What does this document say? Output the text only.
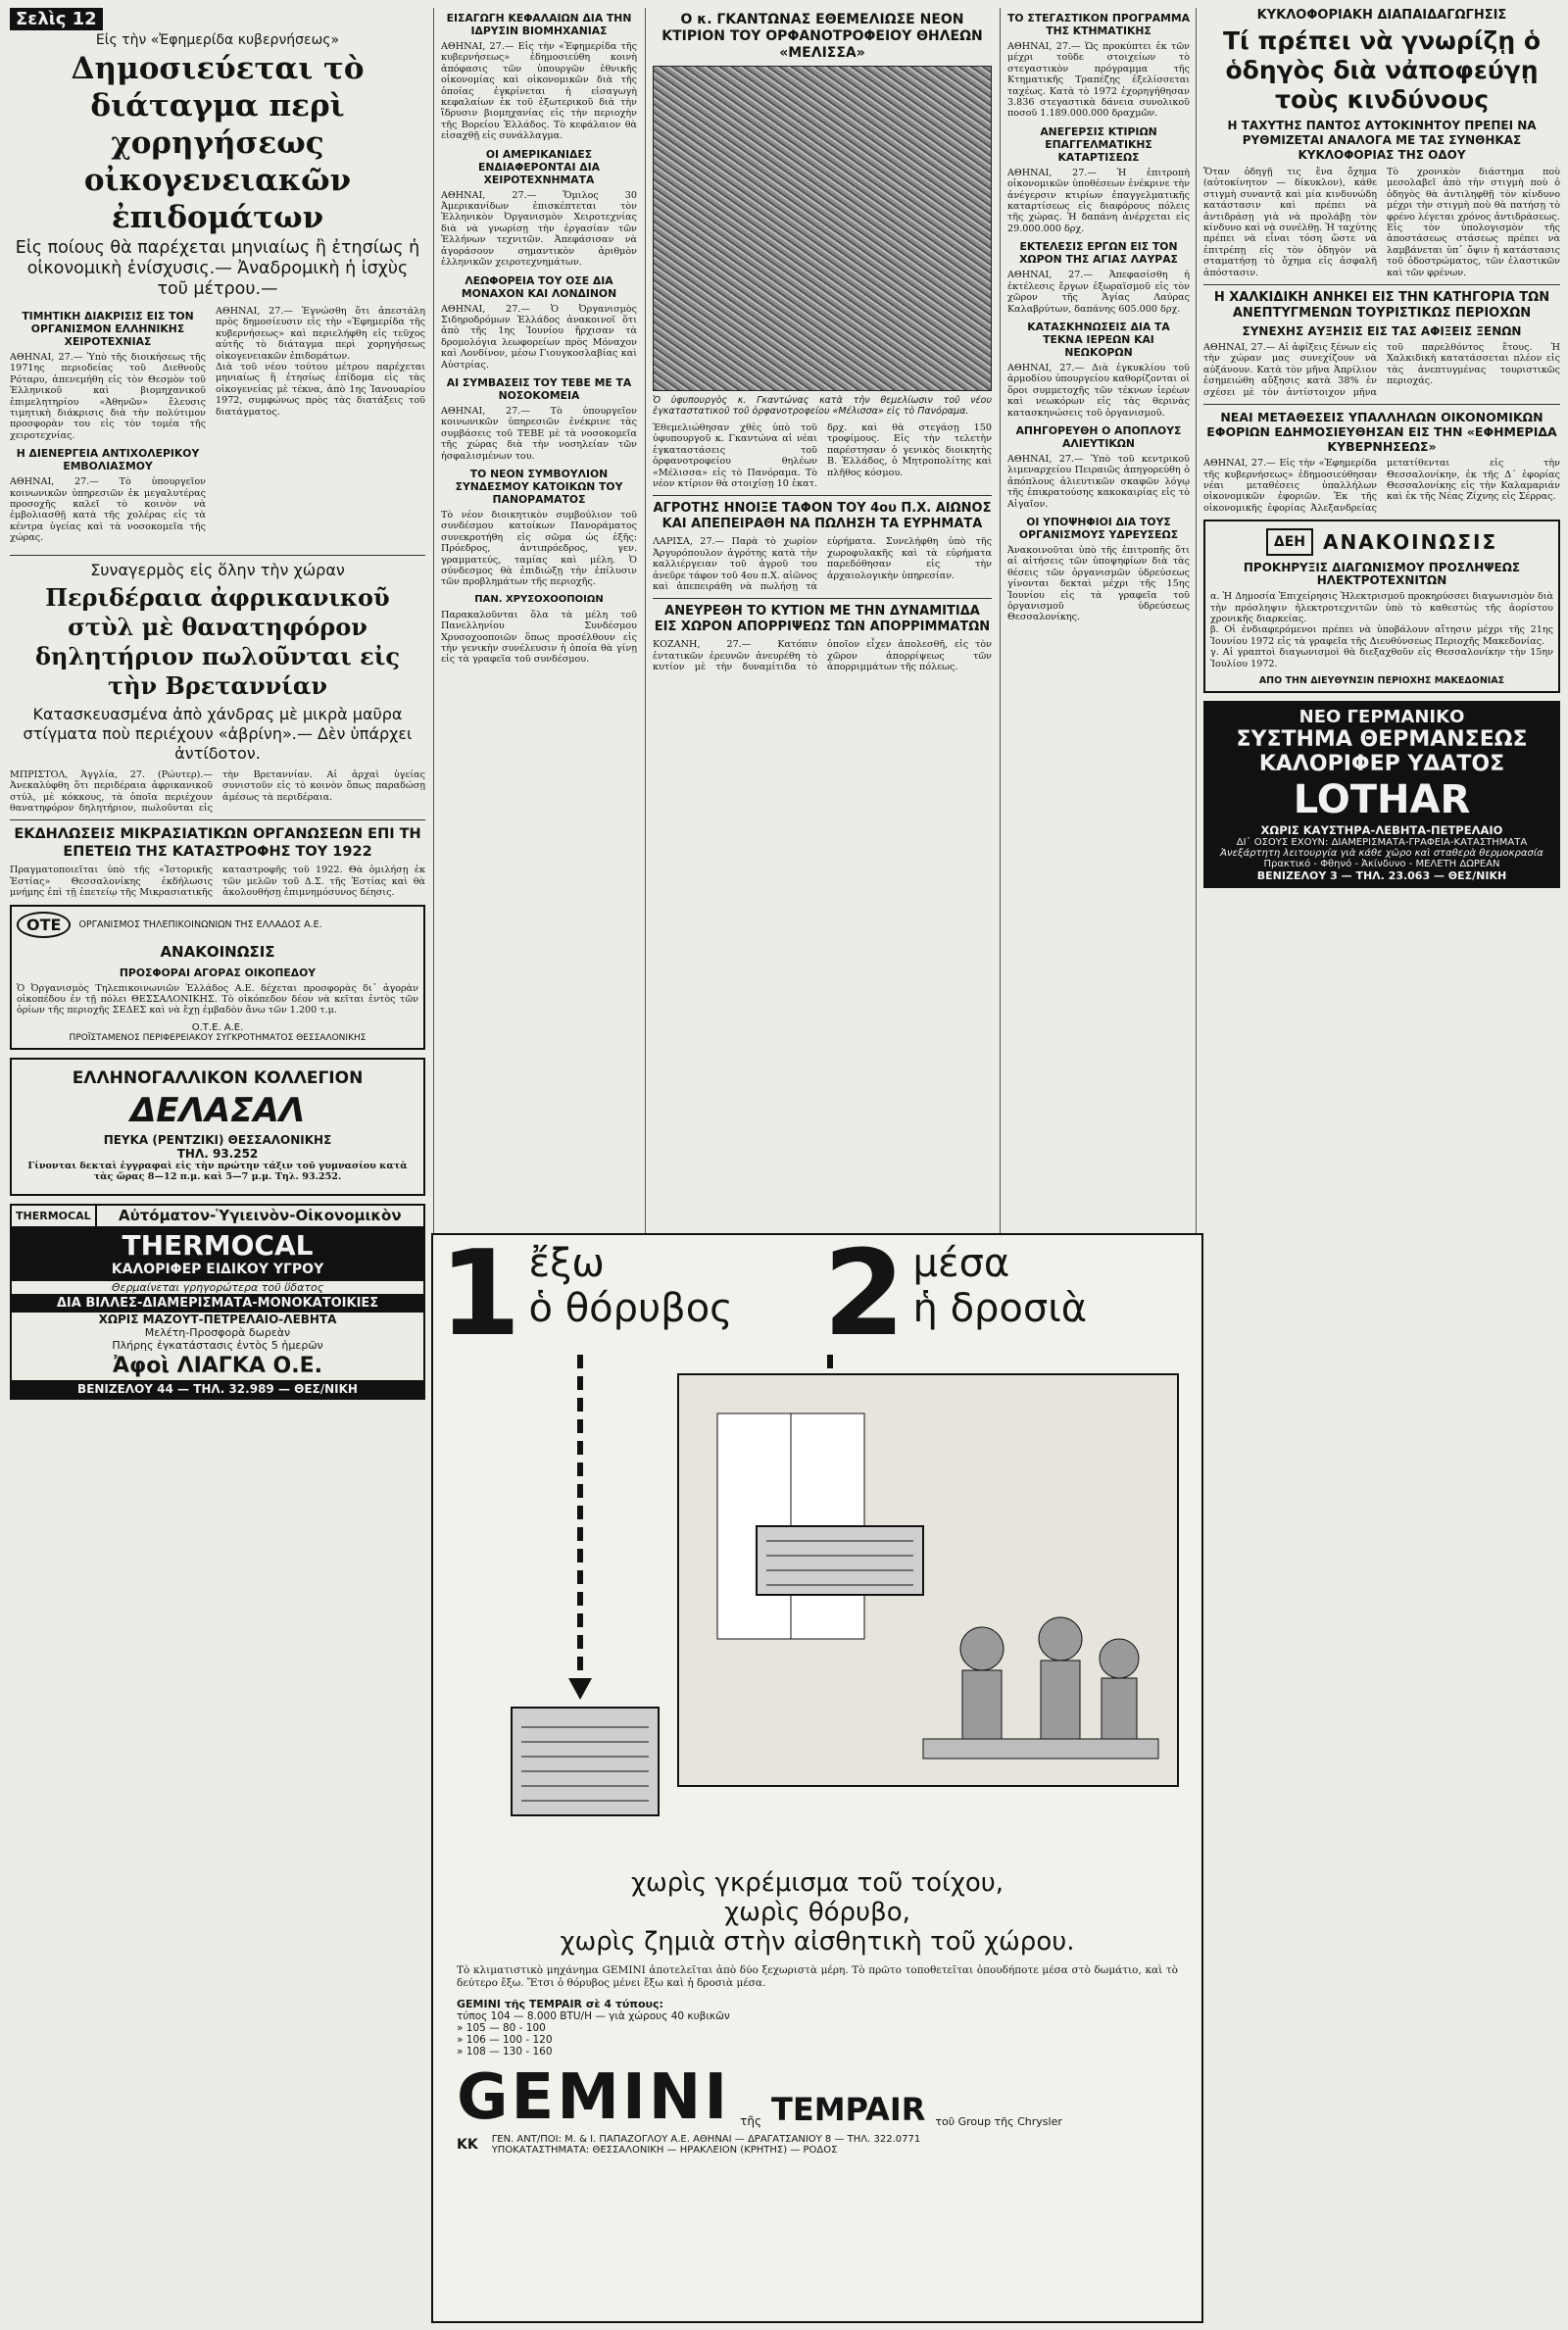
Σελὶς 12
Εἰς τὴν «Ἐφημερίδα κυβερνήσεως»
Δημοσιεύεται τὸ διάταγμα περὶ χορηγήσεως οἰκογενειακῶν ἐπιδομάτων
Εἰς ποίους θὰ παρέχεται μηνιαίως ἢ ἐτησίως ἡ οἰκονομικὴ ἐνίσχυσις.— Ἀναδρομικὴ ἡ ἰσχὺς τοῦ μέτρου.—
ΤΙΜΗΤΙΚΗ ΔΙΑΚΡΙΣΙΣ ΕΙΣ ΤΟΝ ΟΡΓΑΝΙΣΜΟΝ ΕΛΛΗΝΙΚΗΣ ΧΕΙΡΟΤΕΧΝΙΑΣ

ΑΘΗΝΑΙ, 27.— Ὑπὸ τῆς διοικήσεως τῆς 1971ης περιοδείας τοῦ Διεθνοῦς Ρόταρυ, ἀπενεμήθη εἰς τὸν Θεσμὸν τοῦ Ἑλληνικοῦ καὶ βιομηχανικοῦ ἐπιμελητηρίου «Ἀθηνῶν» ἔλευσις τιμητικὴ διάκρισις διὰ τὴν πολύτιμον προσφορὰν του εἰς τὸν τομέα τῆς χειροτεχνίας.

Η ΔΙΕΝΕΡΓΕΙΑ ΑΝΤΙΧΟΛΕΡΙΚΟΥ ΕΜΒΟΛΙΑΣΜΟΥ

ΑΘΗΝΑΙ, 27.— Τὸ ὑπουργεῖον κοινωνικῶν ὑπηρεσιῶν ἐκ μεγαλυτέρας προσοχῆς καλεῖ τὸ κοινὸν νὰ ἐμβολιασθῇ κατὰ τῆς χολέρας εἰς τὰ κέντρα ὑγείας καὶ τὰ νοσοκομεῖα τῆς χώρας.

ΑΘΗΝΑΙ, 27.— Ἐγνώσθη ὅτι ἀπεστάλη πρὸς δημοσίευσιν εἰς τὴν «Ἐφημερίδα τῆς κυβερνήσεως» καὶ περιελήφθη εἰς τεῦχος αὐτῆς τὸ διάταγμα περὶ χορηγήσεως οἰκογενειακῶν ἐπιδομάτων.
Διὰ τοῦ νέου τούτου μέτρου παρέχεται μηνιαίως ἢ ἐτησίως ἐπίδομα εἰς τὰς οἰκογενείας μὲ τέκνα, ἀπὸ 1ης Ἰανουαρίου 1972, συμφώνως πρὸς τὰς διατάξεις τοῦ διατάγματος.

Συναγερμὸς εἰς ὅλην τὴν χώραν
Περιδέραια ἀφρικανικοῦ στὺλ μὲ θανατηφόρον δηλητήριον πωλοῦνται εἰς τὴν Βρεταννίαν
Κατασκευασμένα ἀπὸ χάνδρας μὲ μικρὰ μαῦρα στίγματα ποὺ περιέχουν «ἀβρίνη».— Δὲν ὑπάρχει ἀντίδοτον.

ΜΠΡΙΣΤΟΛ, Ἀγγλία, 27. (Ρώυτερ).— Ἀνεκαλύφθη ὅτι περιδέραια ἀφρικανικοῦ στύλ, μὲ κόκκους, τὰ ὁποῖα περιέχουν θανατηφόρον δηλητήριον, πωλοῦνται εἰς τὴν Βρεταννίαν. Αἱ ἀρχαὶ ὑγείας συνιστοῦν εἰς τὸ κοινὸν ὅπως παραδώσῃ ἀμέσως τὰ περιδέραια.

ΕΚΔΗΛΩΣΕΙΣ ΜΙΚΡΑΣΙΑΤΙΚΩΝ ΟΡΓΑΝΩΣΕΩΝ ΕΠΙ ΤΗ ΕΠΕΤΕΙΩ ΤΗΣ ΚΑΤΑΣΤΡΟΦΗΣ ΤΟΥ 1922

Πραγματοποιεῖται ὑπὸ τῆς «Ἱστορικῆς Ἑστίας» Θεσσαλονίκης ἐκδήλωσις μνήμης ἐπὶ τῇ ἐπετείῳ τῆς Μικρασιατικῆς καταστροφῆς τοῦ 1922. Θὰ ὁμιλήσῃ ἐκ τῶν μελῶν τοῦ Δ.Σ. τῆς Ἑστίας καὶ θὰ ἀκολουθήσῃ ἐπιμνημόσυνος δέησις.

ΟΤΕ	ΟΡΓΑΝΙΣΜΟΣ ΤΗΛΕΠΙΚΟΙΝΩΝΙΩΝ ΤΗΣ ΕΛΛΑΔΟΣ Α.Ε.
ΑΝΑΚΟΙΝΩΣΙΣ
ΠΡΟΣΦΟΡΑΙ ΑΓΟΡΑΣ ΟΙΚΟΠΕΔΟΥ

Ὁ Ὀργανισμὸς Τηλεπικοινωνιῶν Ἑλλάδος Α.Ε. δέχεται προσφορὰς δι᾽ ἀγορὰν οἰκοπέδου ἐν τῇ πόλει ΘΕΣΣΑΛΟΝΙΚΗΣ. Τὸ οἰκόπεδον δέον νὰ κεῖται ἐντὸς τῶν ὁρίων τῆς περιοχῆς ΣΕΔΕΣ καὶ νὰ ἔχῃ ἐμβαδὸν ἄνω τῶν 1.200 τ.μ.

Ο.Τ.Ε. Α.Ε.
ΠΡΟΪΣΤΑΜΕΝΟΣ ΠΕΡΙΦΕΡΕΙΑΚΟΥ ΣΥΓΚΡΟΤΗΜΑΤΟΣ ΘΕΣΣΑΛΟΝΙΚΗΣ
ΕΛΛΗΝΟΓΑΛΛΙΚΟΝ ΚΟΛΛΕΓΙΟΝ
ΔΕΛΑΣΑΛ
ΠΕΥΚΑ (ΡΕΝΤΖΙΚΙ) ΘΕΣΣΑΛΟΝΙΚΗΣ
ΤΗΛ. 93.252

Γίνονται δεκταὶ ἐγγραφαὶ εἰς τὴν πρώτην τάξιν τοῦ γυμνασίου κατὰ τὰς ὥρας 8—12 π.μ. καὶ 5—7 μ.μ. Τηλ. 93.252.

THERMOCAL	Αὐτόματον-Ὑγιεινὸν-Οἰκονομικὸν
THERMOCAL
ΚΑΛΟΡΙΦΕΡ ΕΙΔΙΚΟΥ ΥΓΡΟΥ
Θερμαίνεται γρηγορώτερα τοῦ ὕδατος
ΔΙΑ ΒΙΛΛΕΣ-ΔΙΑΜΕΡΙΣΜΑΤΑ-ΜΟΝΟΚΑΤΟΙΚΙΕΣ
ΧΩΡΙΣ ΜΑΖΟΥΤ-ΠΕΤΡΕΛΑΙΟ-ΛΕΒΗΤΑ
Μελέτη-Προσφορὰ δωρεὰν
Πλήρης ἐγκατάστασις ἐντὸς 5 ἡμερῶν
Ἀφοὶ ΛΙΑΓΚΑ Ο.Ε.
ΒΕΝΙΖΕΛΟΥ 44 — ΤΗΛ. 32.989 — ΘΕΣ/ΝΙΚΗ
ΕΙΣΑΓΩΓΗ ΚΕΦΑΛΑΙΩΝ ΔΙΑ ΤΗΝ ΙΔΡΥΣΙΝ ΒΙΟΜΗΧΑΝΙΑΣ

ΑΘΗΝΑΙ, 27.— Εἰς τὴν «Ἐφημερίδα τῆς κυβερνήσεως» ἐδημοσιεύθη κοινὴ ἀπόφασις τῶν ὑπουργῶν ἐθνικῆς οἰκονομίας καὶ οἰκονομικῶν διὰ τῆς ὁποίας ἐγκρίνεται ἡ εἰσαγωγὴ κεφαλαίων ἐκ τοῦ ἐξωτερικοῦ διὰ τὴν ἵδρυσιν βιομηχανίας εἰς τὴν περιοχὴν τῆς Βορείου Ἑλλάδος. Τὸ κεφάλαιον θὰ εἰσαχθῇ εἰς συνάλλαγμα.

ΟΙ ΑΜΕΡΙΚΑΝΙΔΕΣ ΕΝΔΙΑΦΕΡΟΝΤΑΙ ΔΙΑ ΧΕΙΡΟΤΕΧΝΗΜΑΤΑ

ΑΘΗΝΑΙ, 27.— Ὅμιλος 30 Ἀμερικανίδων ἐπισκέπτεται τὸν Ἑλληνικὸν Ὀργανισμὸν Χειροτεχνίας διὰ νὰ γνωρίσῃ τὴν ἐργασίαν τῶν Ἑλλήνων τεχνιτῶν. Ἀπεφάσισαν νὰ ἀγοράσουν σημαντικὸν ἀριθμὸν ἑλληνικῶν χειροτεχνημάτων.

ΛΕΩΦΟΡΕΙΑ ΤΟΥ ΟΣΕ ΔΙΑ ΜΟΝΑΧΟΝ ΚΑΙ ΛΟΝΔΙΝΟΝ

ΑΘΗΝΑΙ, 27.— Ὁ Ὀργανισμὸς Σιδηροδρόμων Ἑλλάδος ἀνακοινοῖ ὅτι ἀπὸ τῆς 1ης Ἰουνίου ἤρχισαν τὰ δρομολόγια λεωφορείων πρὸς Μόναχον καὶ Λονδίνον, μέσω Γιουγκοσλαβίας καὶ Αὐστρίας.

ΑΙ ΣΥΜΒΑΣΕΙΣ ΤΟΥ ΤΕΒΕ ΜΕ ΤΑ ΝΟΣΟΚΟΜΕΙΑ

ΑΘΗΝΑΙ, 27.— Τὸ ὑπουργεῖον κοινωνικῶν ὑπηρεσιῶν ἐνέκρινε τὰς συμβάσεις τοῦ ΤΕΒΕ μὲ τὰ νοσοκομεῖα τῆς χώρας διὰ τὴν νοσηλείαν τῶν ἠσφαλισμένων του.

ΤΟ ΝΕΟΝ ΣΥΜΒΟΥΛΙΟΝ ΣΥΝΔΕΣΜΟΥ ΚΑΤΟΙΚΩΝ ΤΟΥ ΠΑΝΟΡΑΜΑΤΟΣ

Τὸ νέον διοικητικὸν συμβούλιον τοῦ συνδέσμου κατοίκων Πανοράματος συνεκροτήθη εἰς σῶμα ὡς ἑξῆς: Πρόεδρος, ἀντιπρόεδρος, γεν. γραμματεύς, ταμίας καὶ μέλη. Ὁ σύνδεσμος θὰ ἐπιδιώξῃ τὴν ἐπίλυσιν τῶν προβλημάτων τῆς περιοχῆς.

ΠΑΝ. ΧΡΥΣΟΧΟΟΠΟΙΩΝ

Παρακαλοῦνται ὅλα τὰ μέλη τοῦ Πανελληνίου Συνδέσμου Χρυσοχοοποιῶν ὅπως προσέλθουν εἰς τὴν γενικὴν συνέλευσιν ἡ ὁποία θὰ γίνῃ εἰς τὰ γραφεῖα τοῦ συνδέσμου.

Ο κ. ΓΚΑΝΤΩΝΑΣ ΕΘΕΜΕΛΙΩΣΕ ΝΕΟΝ ΚΤΙΡΙΟΝ ΤΟΥ ΟΡΦΑΝΟΤΡΟΦΕΙΟΥ ΘΗΛΕΩΝ «ΜΕΛΙΣΣΑ»
Ὁ ὑφυπουργὸς κ. Γκαντώνας κατὰ τὴν θεμελίωσιν τοῦ νέου ἐγκαταστατικοῦ τοῦ ὀρφανοτροφείου «Μέλισσα» εἰς τὸ Πανόραμα.

Ἐθεμελιώθησαν χθὲς ὑπὸ τοῦ ὑφυπουργοῦ κ. Γκαντώνα αἱ νέαι ἐγκαταστάσεις τοῦ ὀρφανοτροφείου θηλέων «Μέλισσα» εἰς τὸ Πανόραμα. Τὸ νέον κτίριον θὰ στοιχίσῃ 10 ἑκατ. δρχ. καὶ θὰ στεγάσῃ 150 τροφίμους. Εἰς τὴν τελετὴν παρέστησαν ὁ γενικὸς διοικητὴς Β. Ἑλλάδος, ὁ Μητροπολίτης καὶ πλῆθος κόσμου.

ΑΓΡΟΤΗΣ ΗΝΟΙΞΕ ΤΑΦΟΝ ΤΟΥ 4ου Π.Χ. ΑΙΩΝΟΣ ΚΑΙ ΑΠΕΠΕΙΡΑΘΗ ΝΑ ΠΩΛΗΣΗ ΤΑ ΕΥΡΗΜΑΤΑ

ΛΑΡΙΣΑ, 27.— Παρὰ τὸ χωρίον Ἀργυρόπουλον ἀγρότης κατὰ τὴν καλλιέργειαν τοῦ ἀγροῦ του ἀνεῦρε τάφον τοῦ 4ου π.Χ. αἰῶνος καὶ ἀπεπειράθη νὰ πωλήσῃ τὰ εὑρήματα. Συνελήφθη ὑπὸ τῆς χωροφυλακῆς καὶ τὰ εὑρήματα παρεδόθησαν εἰς τὴν ἀρχαιολογικὴν ὑπηρεσίαν.

ΑΝΕΥΡΕΘΗ ΤΟ ΚΥΤΙΟΝ ΜΕ ΤΗΝ ΔΥΝΑΜΙΤΙΔΑ ΕΙΣ ΧΩΡΟΝ ΑΠΟΡΡΙΨΕΩΣ ΤΩΝ ΑΠΟΡΡΙΜΜΑΤΩΝ

ΚΟΖΑΝΗ, 27.— Κατόπιν ἐντατικῶν ἐρευνῶν ἀνευρέθη τὸ κυτίον μὲ τὴν δυναμίτιδα τὸ ὁποῖον εἶχεν ἀπολεσθῆ, εἰς τὸν χῶρον ἀπορρίψεως τῶν ἀπορριμμάτων τῆς πόλεως.

ΤΟ ΣΤΕΓΑΣΤΙΚΟΝ ΠΡΟΓΡΑΜΜΑ ΤΗΣ ΚΤΗΜΑΤΙΚΗΣ

ΑΘΗΝΑΙ, 27.— Ὡς προκύπτει ἐκ τῶν μέχρι τοῦδε στοιχείων τὸ στεγαστικὸν πρόγραμμα τῆς Κτηματικῆς Τραπέζης ἐξελίσσεται ταχέως. Κατὰ τὸ 1972 ἐχορηγήθησαν 3.836 στεγαστικὰ δάνεια συνολικοῦ ποσοῦ 1.189.000.000 δραχμῶν.

ΑΝΕΓΕΡΣΙΣ ΚΤΙΡΙΩΝ ΕΠΑΓΓΕΛΜΑΤΙΚΗΣ ΚΑΤΑΡΤΙΣΕΩΣ

ΑΘΗΝΑΙ, 27.— Ἡ ἐπιτροπὴ οἰκονομικῶν ὑποθέσεων ἐνέκρινε τὴν ἀνέγερσιν κτιρίων ἐπαγγελματικῆς καταρτίσεως εἰς διαφόρους πόλεις τῆς χώρας. Ἡ δαπάνη ἀνέρχεται εἰς 29.000.000 δρχ.

ΕΚΤΕΛΕΣΙΣ ΕΡΓΩΝ ΕΙΣ ΤΟΝ ΧΩΡΟΝ ΤΗΣ ΑΓΙΑΣ ΛΑΥΡΑΣ

ΑΘΗΝΑΙ, 27.— Ἀπεφασίσθη ἡ ἐκτέλεσις ἔργων ἐξωραϊσμοῦ εἰς τὸν χῶρον τῆς Ἁγίας Λαύρας Καλαβρύτων, δαπάνης 605.000 δρχ.

ΚΑΤΑΣΚΗΝΩΣΕΙΣ ΔΙΑ ΤΑ ΤΕΚΝΑ ΙΕΡΕΩΝ ΚΑΙ ΝΕΩΚΟΡΩΝ

ΑΘΗΝΑΙ, 27.— Διὰ ἐγκυκλίου τοῦ ἀρμοδίου ὑπουργείου καθορίζονται οἱ ὅροι συμμετοχῆς τῶν τέκνων ἱερέων καὶ νεωκόρων εἰς τὰς θερινὰς κατασκηνώσεις τοῦ ὀργανισμοῦ.

ΑΠΗΓΟΡΕΥΘΗ Ο ΑΠΟΠΛΟΥΣ ΑΛΙΕΥΤΙΚΩΝ

ΑΘΗΝΑΙ, 27.— Ὑπὸ τοῦ κεντρικοῦ λιμεναρχείου Πειραιῶς ἀπηγορεύθη ὁ ἀπόπλους ἀλιευτικῶν σκαφῶν λόγῳ τῆς ἐπικρατούσης κακοκαιρίας εἰς τὸ Αἰγαῖον.

ΟΙ ΥΠΟΨΗΦΙΟΙ ΔΙΑ ΤΟΥΣ ΟΡΓΑΝΙΣΜΟΥΣ ΥΔΡΕΥΣΕΩΣ

Ἀνακοινοῦται ὑπὸ τῆς ἐπιτροπῆς ὅτι αἱ αἰτήσεις τῶν ὑποψηφίων διὰ τὰς θέσεις τῶν ὀργανισμῶν ὑδρεύσεως γίνονται δεκταὶ μέχρι τῆς 15ης Ἰουνίου εἰς τὰ γραφεῖα τοῦ ὀργανισμοῦ ὑδρεύσεως Θεσσαλονίκης.

ΚΥΚΛΟΦΟΡΙΑΚΗ ΔΙΑΠΑΙΔΑΓΩΓΗΣΙΣ
Τί πρέπει νὰ γνωρίζῃ ὁ ὁδηγὸς διὰ νἀποφεύγῃ τοὺς κινδύνους
Η ΤΑΧΥΤΗΣ ΠΑΝΤΟΣ ΑΥΤΟΚΙΝΗΤΟΥ ΠΡΕΠΕΙ ΝΑ ΡΥΘΜΙΖΕΤΑΙ ΑΝΑΛΟΓΑ ΜΕ ΤΑΣ ΣΥΝΘΗΚΑΣ ΚΥΚΛΟΦΟΡΙΑΣ ΤΗΣ ΟΔΟΥ

Ὅταν ὁδηγῇ τις ἕνα ὄχημα (αὐτοκίνητον — δίκυκλον), κάθε στιγμὴ συναντᾷ καὶ μία κινδυνώδη κατάστασιν καὶ πρέπει νὰ ἀντιδράσῃ γιὰ νὰ προλάβῃ τὸν κίνδυνο καὶ νὰ συνέλθῃ. Ἡ ταχύτης πρέπει νὰ εἶναι τόση ὥστε νὰ ἐπιτρέπῃ εἰς τὸν ὁδηγὸν νὰ σταματήσῃ τὸ ὄχημα εἰς ἀσφαλῆ ἀπόστασιν.
Τὸ χρονικὸν διάστημα ποὺ μεσολαβεῖ ἀπὸ τὴν στιγμὴ ποὺ ὁ ὁδηγὸς θὰ ἀντιληφθῇ τὸν κίνδυνο μέχρι τὴν στιγμὴ ποὺ θὰ πατήσῃ τὸ φρένο λέγεται χρόνος ἀντιδράσεως.
Εἰς τὸν ὑπολογισμὸν τῆς ἀποστάσεως στάσεως πρέπει νὰ λαμβάνεται ὑπ᾽ ὄψιν ἡ κατάστασις τοῦ ὁδοστρώματος, τῶν ἐλαστικῶν καὶ τῶν φρένων.

Η ΧΑΛΚΙΔΙΚΗ ΑΝΗΚΕΙ ΕΙΣ ΤΗΝ ΚΑΤΗΓΟΡΙΑ ΤΩΝ ΑΝΕΠΤΥΓΜΕΝΩΝ ΤΟΥΡΙΣΤΙΚΩΣ ΠΕΡΙΟΧΩΝ
ΣΥΝΕΧΗΣ ΑΥΞΗΣΙΣ ΕΙΣ ΤΑΣ ΑΦΙΞΕΙΣ ΞΕΝΩΝ

ΑΘΗΝΑΙ, 27.— Αἱ ἀφίξεις ξένων εἰς τὴν χώραν μας συνεχίζουν νὰ αὐξάνουν. Κατὰ τὸν μῆνα Ἀπρίλιον ἐσημειώθη αὔξησις κατὰ 38% ἐν σχέσει μὲ τὸν ἀντίστοιχον μῆνα τοῦ παρελθόντος ἔτους. Ἡ Χαλκιδικὴ κατατάσσεται πλέον εἰς τὰς ἀνεπτυγμένας τουριστικῶς περιοχάς.

ΝΕΑΙ ΜΕΤΑΘΕΣΕΙΣ ΥΠΑΛΛΗΛΩΝ ΟΙΚΟΝΟΜΙΚΩΝ ΕΦΟΡΙΩΝ ΕΔΗΜΟΣΙΕΥΘΗΣΑΝ ΕΙΣ ΤΗΝ «ΕΦΗΜΕΡΙΔΑ ΚΥΒΕΡΝΗΣΕΩΣ»

ΑΘΗΝΑΙ, 27.— Εἰς τὴν «Ἐφημερίδα τῆς κυβερνήσεως» ἐδημοσιεύθησαν νέαι μεταθέσεις ὑπαλλήλων οἰκονομικῶν ἐφοριῶν. Ἐκ τῆς οἰκονομικῆς ἐφορίας Ἀλεξανδρείας μετατίθενται εἰς τὴν Θεσσαλονίκην, ἐκ τῆς Δ΄ ἐφορίας Θεσσαλονίκης εἰς τὴν Καλαμαριάν καὶ ἐκ τῆς Νέας Ζίχνης εἰς Σέρρας.

ΔΕΗ ΑΝΑΚΟΙΝΩΣΙΣ
ΠΡΟΚΗΡΥΞΙΣ ΔΙΑΓΩΝΙΣΜΟΥ ΠΡΟΣΛΗΨΕΩΣ ΗΛΕΚΤΡΟΤΕΧΝΙΤΩΝ

α. Ἡ Δημοσία Ἐπιχείρησις Ἠλεκτρισμοῦ προκηρύσσει διαγωνισμὸν διὰ τὴν πρόσληψιν ἠλεκτροτεχνιτῶν ὑπὸ τὸ καθεστὼς τῆς ἀορίστου χρονικῆς διαρκείας.
β. Οἱ ἐνδιαφερόμενοι πρέπει νὰ ὑποβάλουν αἴτησιν μέχρι τῆς 21ης Ἰουνίου 1972 εἰς τὰ γραφεῖα τῆς Διευθύνσεως Περιοχῆς Μακεδονίας.
γ. Αἱ γραπτοὶ διαγωνισμοὶ θὰ διεξαχθοῦν εἰς Θεσσαλονίκην τὴν 15ην Ἰουλίου 1972.

ΑΠΟ ΤΗΝ ΔΙΕΥΘΥΝΣΙΝ ΠΕΡΙΟΧΗΣ ΜΑΚΕΔΟΝΙΑΣ
ΝΕΟ ΓΕΡΜΑΝΙΚΟ
ΣΥΣΤΗΜΑ ΘΕΡΜΑΝΣΕΩΣ
ΚΑΛΟΡΙΦΕΡ ΥΔΑΤΟΣ
LOTHAR
ΧΩΡΙΣ ΚΑΥΣΤΗΡΑ-ΛΕΒΗΤΑ-ΠΕΤΡΕΛΑΙΟ
ΔΙ᾽ ΟΣΟΥΣ ΕΧΟΥΝ: ΔΙΑΜΕΡΙΣΜΑΤΑ-ΓΡΑΦΕΙΑ-ΚΑΤΑΣΤΗΜΑΤΑ
Ἀνεξάρτητη λειτουργία γιὰ κάθε χῶρο καὶ σταθερὰ θερμοκρασία
Πρακτικό - Φθηνό - Ἀκίνδυνο - ΜΕΛΕΤΗ ΔΩΡΕΑΝ
ΒΕΝΙΖΕΛΟΥ 3 — ΤΗΛ. 23.063 — ΘΕΣ/ΝΙΚΗ
1 ἔξω
ὁ θόρυβος 2 μέσα
ἡ δροσιὰ
χωρὶς γκρέμισμα τοῦ τοίχου,
χωρὶς θόρυβο,
χωρὶς ζημιὰ στὴν αἰσθητικὴ τοῦ χώρου.

Τὸ κλιματιστικὸ μηχάνημα GEMINI ἀποτελεῖται ἀπὸ δύο ξεχωριστὰ μέρη. Τὸ πρῶτο τοποθετεῖται ὁπουδήποτε μέσα στὸ δωμάτιο, καὶ τὸ δεύτερο ἔξω. Ἔτσι ὁ θόρυβος μένει ἔξω καὶ ἡ δροσιὰ μέσα.

GEMINI τῆς TEMPAIR σὲ 4 τύπους:
τύπος 104 — 8.000 BTU/H — γιὰ χώρους 40 κυβικῶν
» 105 — 80 - 100
» 106 — 100 - 120
» 108 — 130 - 160
GEMINI τῆς TEMPAIR τοῦ Group τῆς Chrysler
KK ΓΕΝ. ΑΝΤ/ΠΟΙ: Μ. & Ι. ΠΑΠΑΖΟΓΛΟΥ Α.Ε. ΑΘΗΝΑΙ — ΔΡΑΓΑΤΣΑΝΙΟΥ 8 — ΤΗΛ. 322.0771
ΥΠΟΚΑΤΑΣΤΗΜΑΤΑ: ΘΕΣΣΑΛΟΝΙΚΗ — ΗΡΑΚΛΕΙΟΝ (ΚΡΗΤΗΣ) — ΡΟΔΟΣ
